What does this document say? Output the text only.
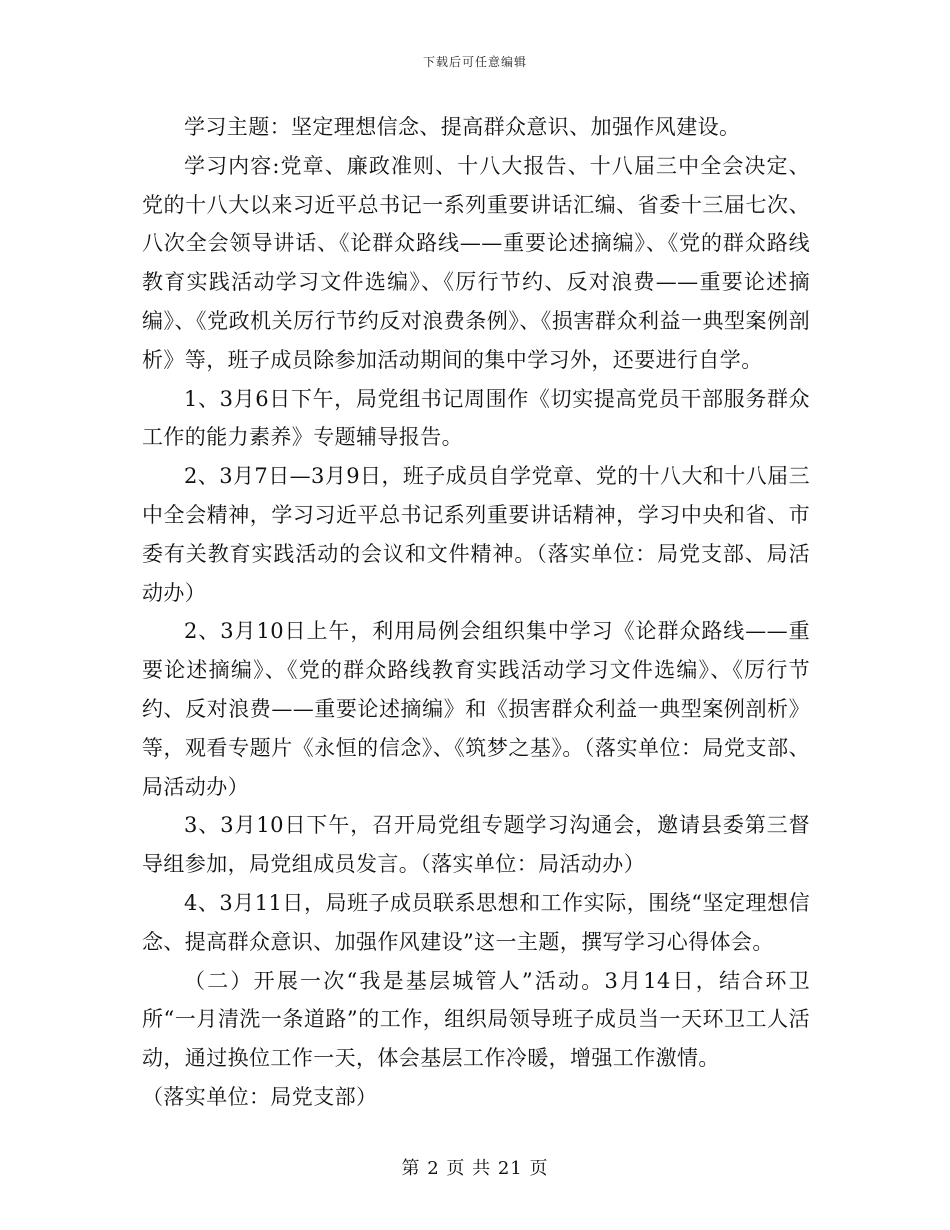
下载后可任意编辑

学习主题：坚定理想信念、提高群众意识、加强作风建设。

学习内容:党章、廉政准则、十八大报告、十八届三中全会决定、党的十八大以来习近平总书记一系列重要讲话汇编、省委十三届七次、八次全会领导讲话、《论群众路线——重要论述摘编》、《党的群众路线教育实践活动学习文件选编》、《厉行节约、反对浪费——重要论述摘编》、《党政机关厉行节约反对浪费条例》、《损害群众利益一典型案例剖析》等，班子成员除参加活动期间的集中学习外，还要进行自学。

1、3月6日下午，局党组书记周围作《切实提高党员干部服务群众工作的能力素养》专题辅导报告。

2、3月7日—3月9日，班子成员自学党章、党的十八大和十八届三中全会精神，学习习近平总书记系列重要讲话精神，学习中央和省、市委有关教育实践活动的会议和文件精神。（落实单位：局党支部、局活动办）

2、3月10日上午，利用局例会组织集中学习《论群众路线——重要论述摘编》、《党的群众路线教育实践活动学习文件选编》、《厉行节约、反对浪费——重要论述摘编》和《损害群众利益一典型案例剖析》等，观看专题片《永恒的信念》、《筑梦之基》。（落实单位：局党支部、局活动办）

3、3月10日下午，召开局党组专题学习沟通会，邀请县委第三督导组参加，局党组成员发言。（落实单位：局活动办）

4、3月11日，局班子成员联系思想和工作实际，围绕“坚定理想信念、提高群众意识、加强作风建设”这一主题，撰写学习心得体会。

（二）开展一次“我是基层城管人”活动。3月14日，结合环卫所“一月清洗一条道路”的工作，组织局领导班子成员当一天环卫工人活动，通过换位工作一天，体会基层工作冷暖，增强工作激情。

（落实单位：局党支部）

第 2 页 共 21 页
